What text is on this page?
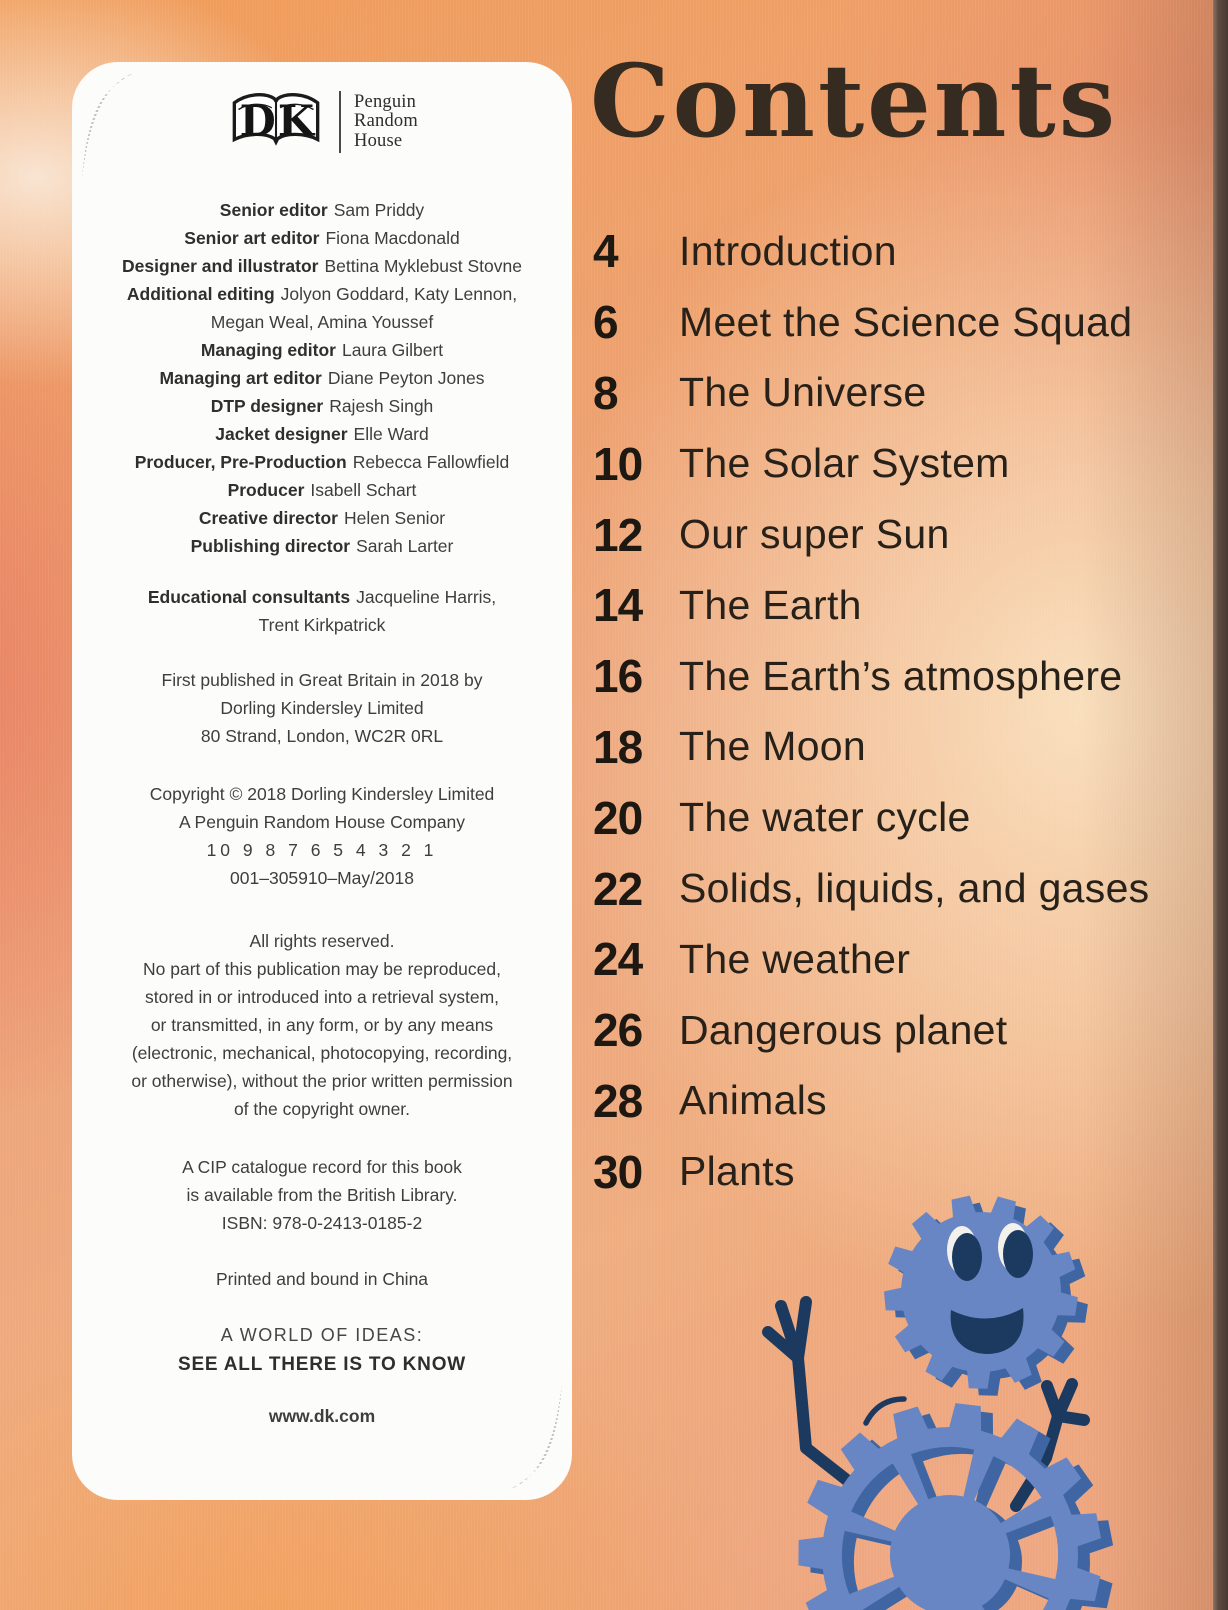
D K Penguin
Random
House
Senior editor Sam Priddy
Senior art editor Fiona Macdonald
Designer and illustrator Bettina Myklebust Stovne
Additional editing Jolyon Goddard, Katy Lennon,
Megan Weal, Amina Youssef
Managing editor Laura Gilbert
Managing art editor Diane Peyton Jones
DTP designer Rajesh Singh
Jacket designer Elle Ward
Producer, Pre-Production Rebecca Fallowfield
Producer Isabell Schart
Creative director Helen Senior
Publishing director Sarah Larter
Educational consultants Jacqueline Harris,
Trent Kirkpatrick
First published in Great Britain in 2018 by
Dorling Kindersley Limited
80 Strand, London, WC2R 0RL
Copyright © 2018 Dorling Kindersley Limited
A Penguin Random House Company
10 9 8 7 6 5 4 3 2 1
001–305910–May/2018
All rights reserved.
No part of this publication may be reproduced,
stored in or introduced into a retrieval system,
or transmitted, in any form, or by any means
(electronic, mechanical, photocopying, recording,
or otherwise), without the prior written permission
of the copyright owner.
A CIP catalogue record for this book
is available from the British Library.
ISBN: 978-0-2413-0185-2
Printed and bound in China
A WORLD OF IDEAS:
SEE ALL THERE IS TO KNOW
www.dk.com
Contents
4	Introduction
6	Meet the Science Squad
8	The Universe
10 The Solar System
12 Our super Sun
14 The Earth
16 The Earth’s atmosphere
18 The Moon
20 The water cycle
22 Solids, liquids, and gases
24 The weather
26 Dangerous planet
28 Animals
30 Plants
